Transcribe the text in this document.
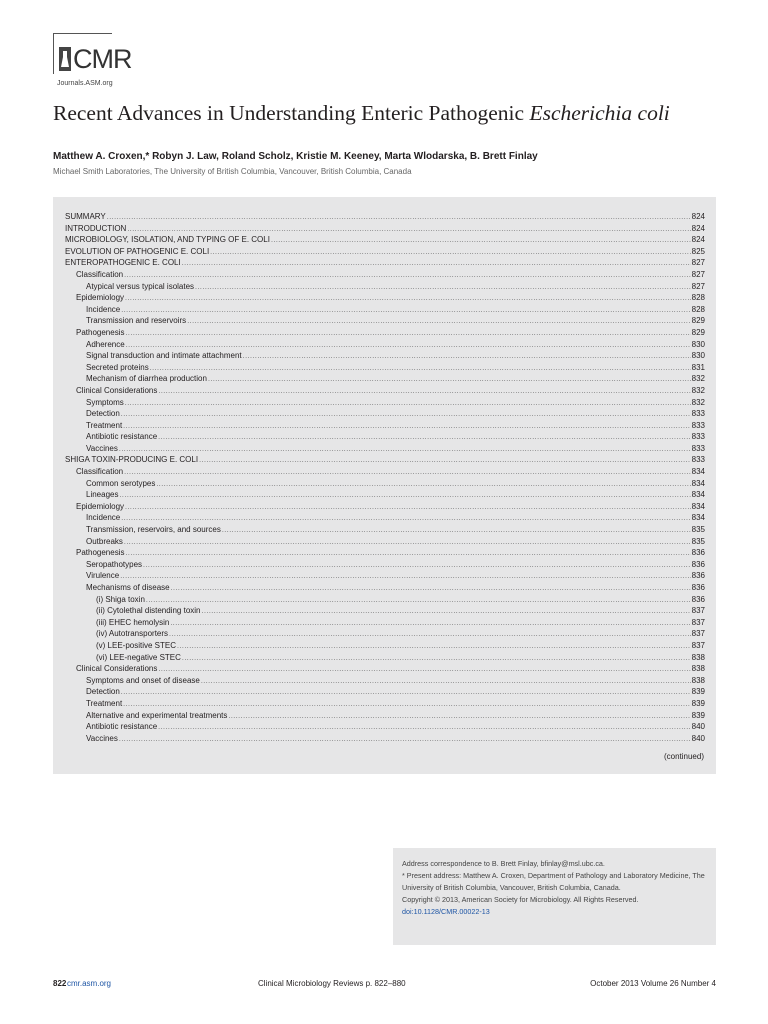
CMR
Journals.ASM.org
Recent Advances in Understanding Enteric Pathogenic Escherichia coli
Matthew A. Croxen,* Robyn J. Law, Roland Scholz, Kristie M. Keeney, Marta Wlodarska, B. Brett Finlay
Michael Smith Laboratories, The University of British Columbia, Vancouver, British Columbia, Canada
SUMMARY .....	824
INTRODUCTION .....	824
MICROBIOLOGY, ISOLATION, AND TYPING OF E. COLI .....	824
EVOLUTION OF PATHOGENIC E. COLI .....	825
ENTEROPATHOGENIC E. COLI .....	827
Classification .....	827
Atypical versus typical isolates .....	827
Epidemiology .....	828
Incidence .....	828
Transmission and reservoirs .....	829
Pathogenesis .....	829
Adherence .....	830
Signal transduction and intimate attachment .....	830
Secreted proteins .....	831
Mechanism of diarrhea production .....	832
Clinical Considerations .....	832
Symptoms .....	832
Detection .....	833
Treatment .....	833
Antibiotic resistance .....	833
Vaccines .....	833
SHIGA TOXIN-PRODUCING E. COLI .....	833
Classification .....	834
Common serotypes .....	834
Lineages .....	834
Epidemiology .....	834
Incidence .....	834
Transmission, reservoirs, and sources .....	835
Outbreaks .....	835
Pathogenesis .....	836
Seropathotypes .....	836
Virulence .....	836
Mechanisms of disease .....	836
(i) Shiga toxin .....	836
(ii) Cytolethal distending toxin .....	837
(iii) EHEC hemolysin .....	837
(iv) Autotransporters .....	837
(v) LEE-positive STEC .....	837
(vi) LEE-negative STEC .....	838
Clinical Considerations .....	838
Symptoms and onset of disease .....	838
Detection .....	839
Treatment .....	839
Alternative and experimental treatments .....	839
Antibiotic resistance .....	840
Vaccines .....	840
(continued)

Address correspondence to B. Brett Finlay, bfinlay@msl.ubc.ca.

* Present address: Matthew A. Croxen, Department of Pathology and Laboratory Medicine, The University of British Columbia, Vancouver, British Columbia, Canada.

Copyright © 2013, American Society for Microbiology. All Rights Reserved.

doi:10.1128/CMR.00022-13

822 cmr.asm.org	Clinical Microbiology Reviews p. 822–880	October 2013 Volume 26 Number 4
